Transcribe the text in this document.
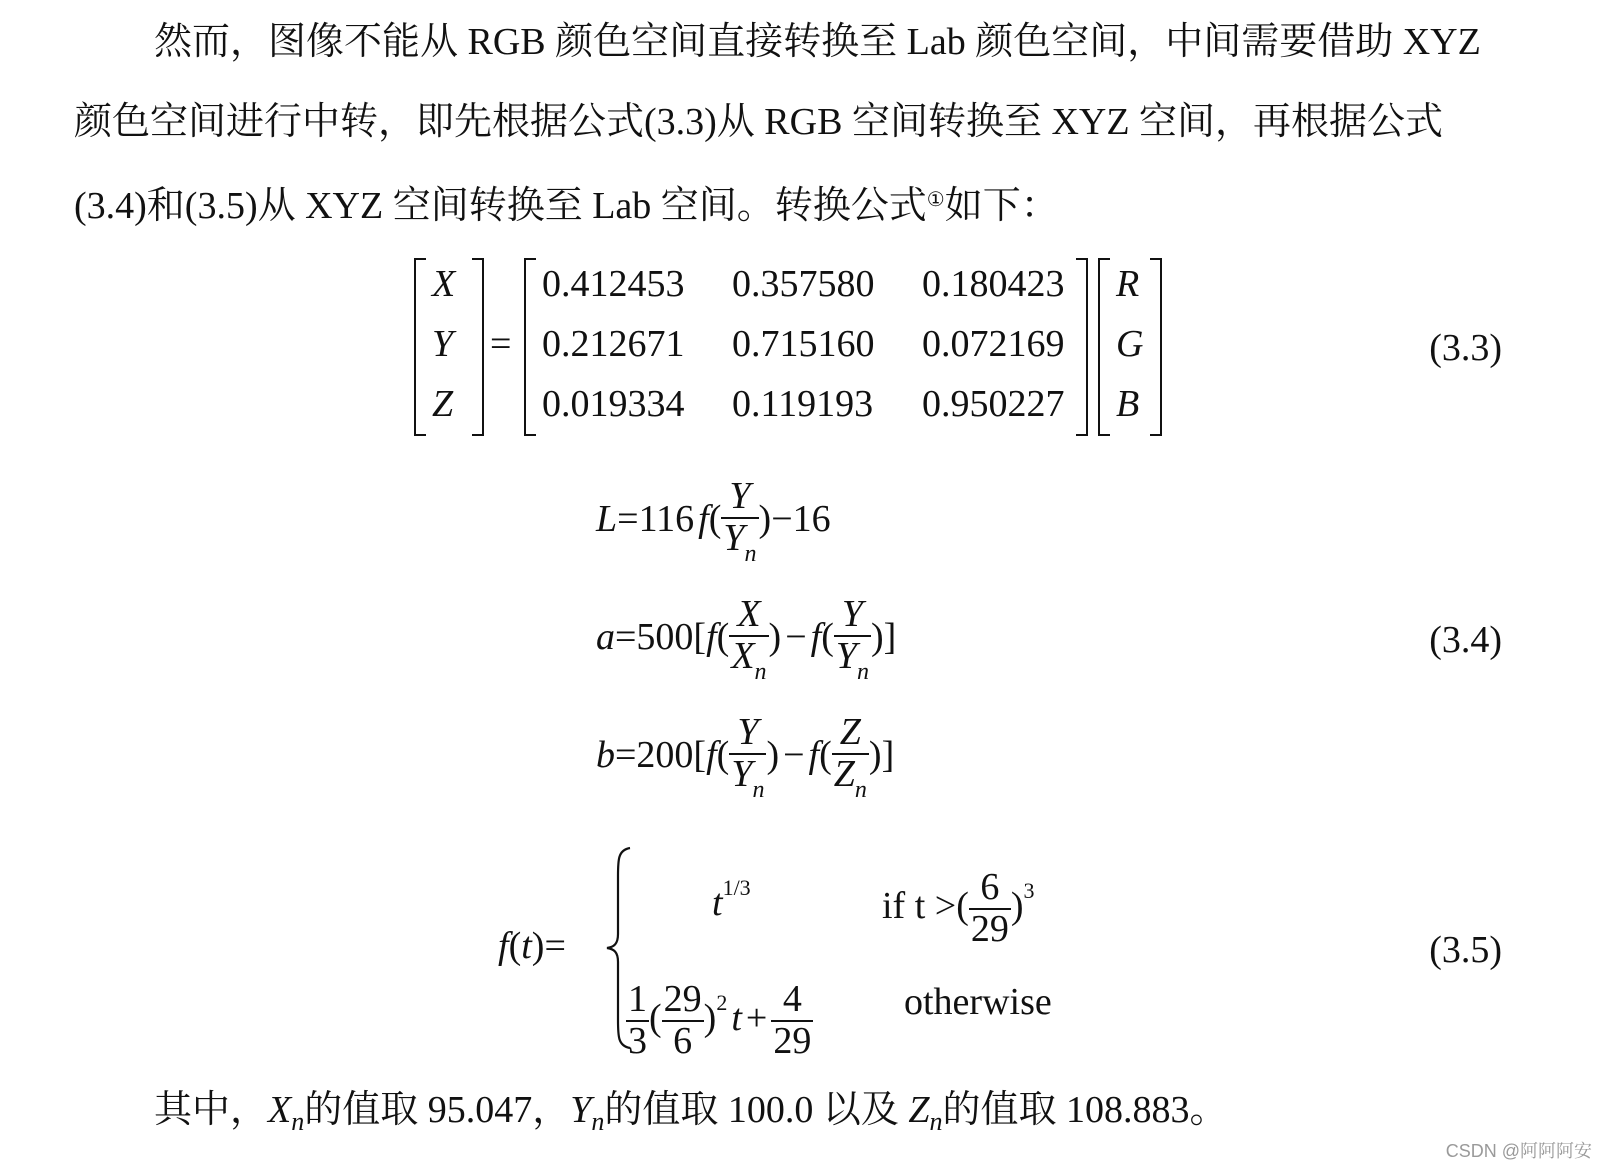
然而，图像不能从 RGB 颜色空间直接转换至 Lab 颜色空间，中间需要借助 XYZ
颜色空间进行中转，即先根据公式(3.3)从 RGB 空间转换至 XYZ 空间，再根据公式
(3.4)和(3.5)从 XYZ 空间转换至 Lab 空间。转换公式①如下：
X
Y
Z
=
0.412453 0.357580 0.180423
0.212671 0.715160 0.072169
0.019334 0.119193 0.950227
R
G
B
(3.3)
L=116 $f( \frac{Y}{Y_n} )-16$
$a=500[f( \frac{X}{X_n}$ ) − $f( \frac{Y}{Y_n}$ )]	(3.4)
$b=200[f( \frac{Y}{Y_n}$ ) − $f( \frac{Z}{Z_n}$ )]
f(t)=
$t^{1/3}$	if t >( $\frac{6}{29} )^3$
$\frac{1}{3}$ ( $\frac{29}{6} )^2$ $t + \frac{4}{29}$ otherwise
(3.5)
其中，$X_n$的值取 95.047，$Y_n$的值取 100.0 以及 $Z_n$的值取 108.883。
CSDN @阿阿阿安
